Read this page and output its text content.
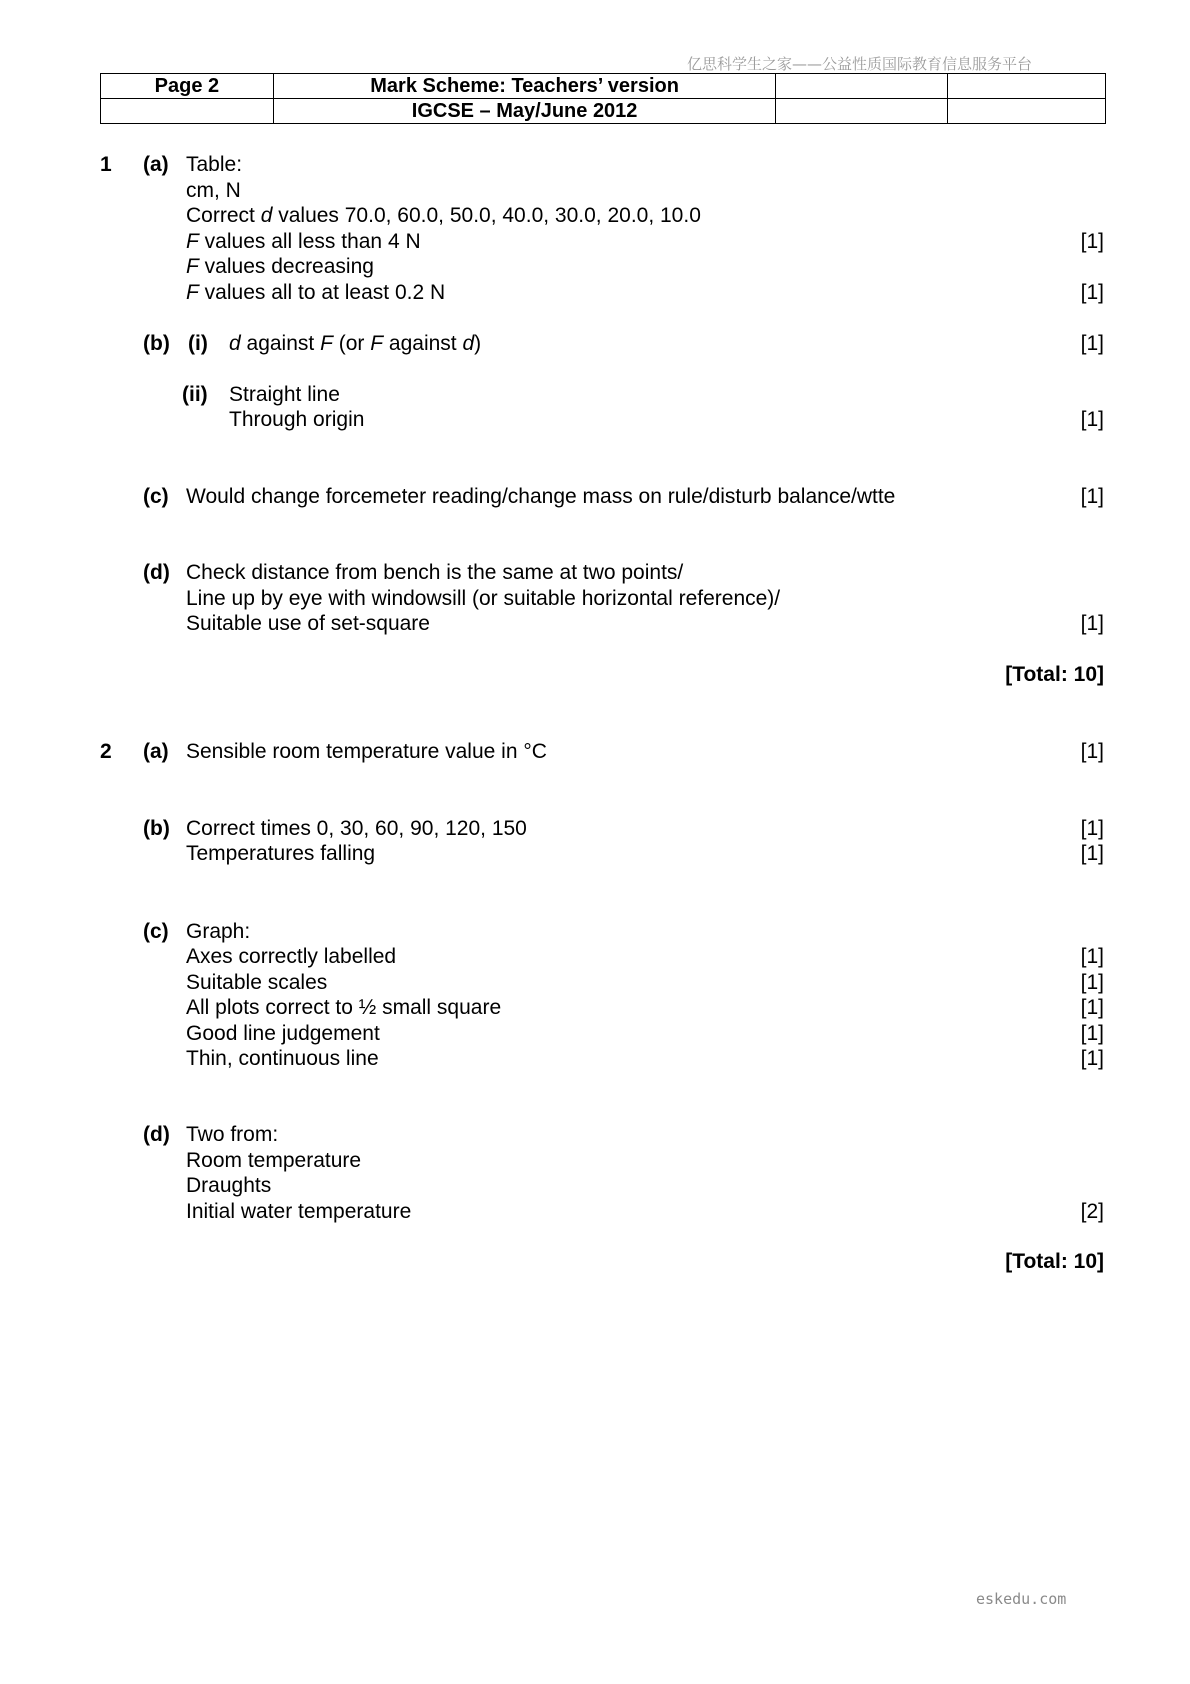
亿思科学生之家——公益性质国际教育信息服务平台
Page 2	Mark Scheme: Teachers’ version		
	IGCSE – May/June 2012		
1 (a) Table:
cm, N
Correct d values 70.0, 60.0, 50.0, 40.0, 30.0, 20.0, 10.0
F values all less than 4 N	[1]
F values decreasing
F values all to at least 0.2 N	[1]
(b) (i) d against F (or F against d)	[1]
(ii) Straight line
Through origin	[1]
(c) Would change forcemeter reading/change mass on rule/disturb balance/wtte	[1]
(d) Check distance from bench is the same at two points/
Line up by eye with windowsill (or suitable horizontal reference)/
Suitable use of set-square	[1]
[Total: 10]
2 (a) Sensible room temperature value in °C	[1]
(b) Correct times 0, 30, 60, 90, 120, 150	[1]
Temperatures falling	[1]
(c) Graph:
Axes correctly labelled	[1]
Suitable scales	[1]
All plots correct to ½ small square	[1]
Good line judgement	[1]
Thin, continuous line	[1]
(d) Two from:
Room temperature
Draughts
Initial water temperature	[2]
[Total: 10]
eskedu.com
